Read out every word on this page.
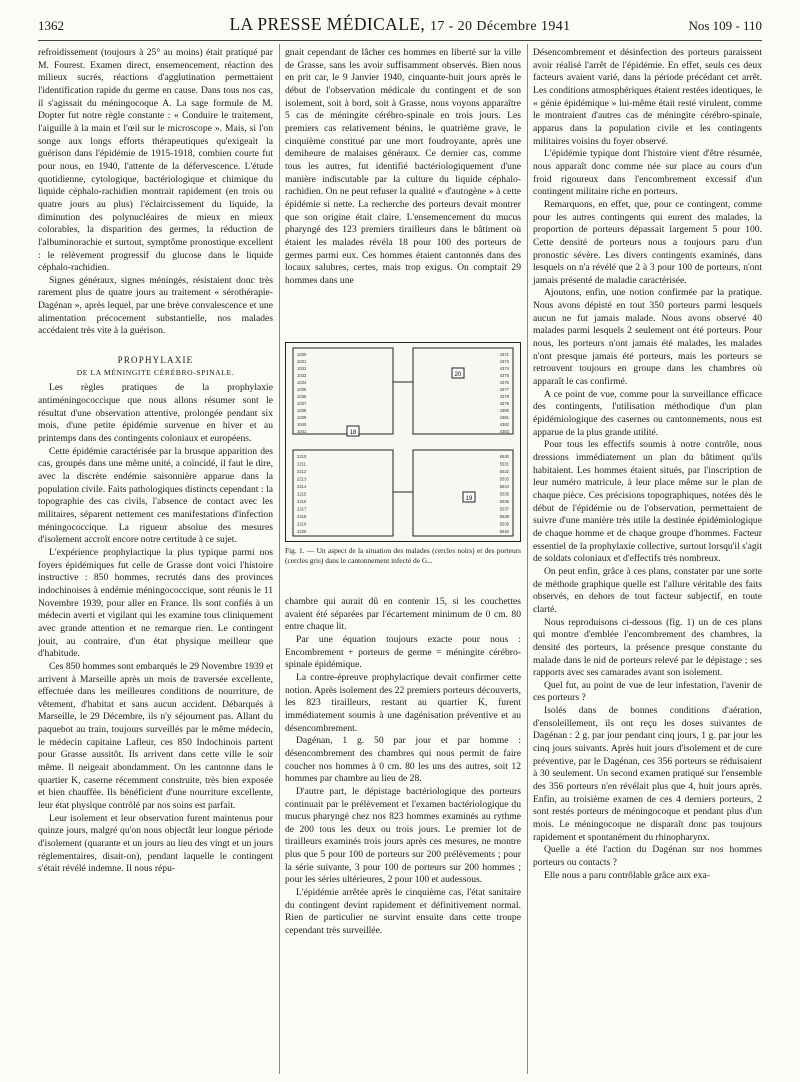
1362	LA PRESSE MÉDICALE, 17 - 20 Décembre 1941	Nos 109 - 110

refroidissement (toujours à 25° au moins) était pratiqué par M. Fourest. Examen direct, ensemencement, réaction des milieux sucrés, réactions d'agglutination permettaient l'identification rapide du germe en cause. Dans tous nos cas, il s'agissait du méningocoque A. La sage formule de M. Dopter fut notre règle constante : « Conduire le traitement, l'aiguille à la main et l'œil sur le microscope ». Mais, si l'on songe aux longs efforts thérapeutiques qu'exigeait la guérison dans l'épidémie de 1915-1918, combien courte fut pour nous, en 1940, l'attente de la défervescence. L'étude quotidienne, cytologique, bactériologique et chimique du liquide céphalo-rachidien montrait rapidement (en trois ou quatre jours au plus) l'éclaircissement du liquide, la diminution des polynucléaires de mieux en mieux colorables, la disparition des germes, la réduction de l'albuminorachie et surtout, symptôme pronostique excellent : le relèvement progressif du glucose dans le liquide céphalo-rachidien.

Signes généraux, signes méningés, résistaient donc très rarement plus de quatre jours au traitement « sérothérapie-Dagénan », après lequel, par une brève convalescence et une alimentation précocement substantielle, nos malades accédaient très vite à la guérison.

PROPHYLAXIE
DE LA MÉNINGITE CÉRÉBRO-SPINALE.

Les règles pratiques de la prophylaxie antiméningococcique que nous allons résumer sont le résultat d'une observation attentive, prolongée pendant six mois, d'une petite épidémie survenue en hiver et au printemps dans des contingents coloniaux et européens.

Cette épidémie caractérisée par la brusque apparition des cas, groupés dans une même unité, a coïncidé, il faut le dire, avec la discrète endémie saisonnière apparue dans la population civile. Faits pathologiques distincts cependant : la topographie des cas civils, l'absence de contact avec les militaires, séparent nettement ces manifestations d'infection méningococcique. La rigueur absolue des mesures d'isolement accroît encore notre certitude à ce sujet.

L'expérience prophylactique la plus typique parmi nos foyers épidémiques fut celle de Grasse dont voici l'histoire instructive : 850 hommes, recrutés dans des provinces indochinoises à endémie méningococcique, sont réunis le 11 Novembre 1939, pour aller en France. Ils sont confiés à un médecin averti et vigilant qui les examine tous cliniquement avec grande attention et ne remarque rien. Le contingent jouit, au contraire, d'un état physique meilleur que d'habitude.

Ces 850 hommes sont embarqués le 29 Novembre 1939 et arrivent à Marseille après un mois de traversée excellente, effectuée dans les meilleures conditions de nourriture, de vêtement, d'habitat et sans aucun accident. Débarqués à Marseille, le 29 Décembre, ils n'y séjournent pas. Allant du paquebot au train, toujours surveillés par le même médecin, le médecin capitaine Lafleur, ces 850 Indochinois partent pour Grasse aussitôt. Ils arrivent dans cette ville le soir même. Il neigeait abondamment. On les cantonne dans le quartier K, caserne récemment construite, très bien exposée et bien chauffée. Ils bénéficient d'une nourriture excellente, leur état physique contrôlé par nos soins est parfait.

Leur isolement et leur observation furent maintenus pour quinze jours, malgré qu'on nous objectât leur longue période d'isolement (quarante et un jours au lieu des vingt et un jours réglementaires, disait-on), pendant laquelle le contingent s'était révélé indemne. Il nous répu-

gnait cependant de lâcher ces hommes en liberté sur la ville de Grasse, sans les avoir suffisamment observés. Bien nous en prit car, le 9 Janvier 1940, cinquante-huit jours après le début de l'observation médicale du contingent et de son isolement, soit à bord, soit à Grasse, nous voyons apparaître 5 cas de méningite cérébro-spinale en trois jours. Les premiers cas relativement bénins, le quatrième grave, le cinquième constitué par une mort foudroyante, après une demiheure de malaises généraux. Ce dernier cas, comme tous les autres, fut identifié bactériologiquement d'une manière indiscutable par la culture du liquide céphalo-rachidien. On ne peut refuser la qualité « d'autogène » à cette épidémie si nette. La recherche des porteurs devait montrer que son origine était claire. L'ensemencement du mucus pharyngé des 123 premiers tirailleurs dans le bâtiment où étaient les malades révéla 18 pour 100 des porteurs de germes parmi eux. Ces hommes étaient cantonnés dans des locaux salubres, certes, mais trop exigus. On comptait 29 hommes dans une

18
20
19
1030
1031
1032
1033
1034
1035
1036
1037
1038
1039
1040
1041
4371
4373
4374
4375
4376
4377
4378
4379
4380
4381
4382
4383
2210
2211
2212
2213
2214
2215
2216
2217
2218
2219
2220
5530
5531
5532
5533
5534
5535
5536
5537
5538
5539
5540
Fig. 1. — Un aspect de la situation des malades (cercles noirs) et des porteurs (cercles gris) dans le cantonnement infecté de G...

chambre qui aurait dû en contenir 15, si les couchettes avaient été séparées par l'écartement minimum de 0 cm. 80 entre chaque lit.

Par une équation toujours exacte pour nous : Encombrement + porteurs de germe = méningite cérébro-spinale épidémique.

La contre-épreuve prophylactique devait confirmer cette notion. Après isolement des 22 premiers porteurs découverts, les 823 tirailleurs, restant au quartier K, furent immédiatement soumis à une dagénisation préventive et au désencombrement.

Dagénan, 1 g. 50 par jour et par homme : désencombrement des chambres qui nous permit de faire coucher nos hommes à 0 cm. 80 les uns des autres, soit 12 hommes par chambre au lieu de 28.

D'autre part, le dépistage bactériologique des porteurs continuait par le prélèvement et l'examen bactériologique du mucus pharyngé chez nos 823 hommes examinés au rythme de 200 tous les deux ou trois jours. Le premier lot de tirailleurs examinés trois jours après ces mesures, ne montre plus que 5 pour 100 de porteurs sur 200 prélèvements ; pour la série suivante, 3 pour 100 de porteurs sur 200 hommes ; pour les séries ultérieures, 2 pour 100 et audessous.

L'épidémie arrêtée après le cinquième cas, l'état sanitaire du contingent devint rapidement et définitivement normal. Rien de particulier ne survint ensuite dans cette troupe cependant très surveillée.

Désencombrement et désinfection des porteurs paraissent avoir réalisé l'arrêt de l'épidémie. En effet, seuls ces deux facteurs avaient varié, dans la période précédant cet arrêt. Les conditions atmosphériques étaient restées identiques, le « génie épidémique » lui-même était resté virulent, comme le montraient d'autres cas de méningite cérébro-spinale, apparus dans la population civile et les contingents militaires voisins du foyer observé.

L'épidémie typique dont l'histoire vient d'être résumée, nous apparaît donc comme née sur place au cours d'un froid rigoureux dans l'encombrement excessif d'un contingent militaire riche en porteurs.

Remarquons, en effet, que, pour ce contingent, comme pour les autres contingents qui eurent des malades, la proportion de porteurs dépassait largement 5 pour 100. Cette densité de porteurs nous a toujours paru d'un pronostic sévère. Les divers contingents examinés, dans lesquels on n'a révélé que 2 à 3 pour 100 de porteurs, n'ont jamais présenté de maladie caractérisée.

Ajoutons, enfin, une notion confirmée par la pratique. Nous avons dépisté en tout 350 porteurs parmi lesquels aucun ne fut jamais malade. Nous avons observé 40 malades parmi lesquels 2 seulement ont été porteurs. Pour nous, les porteurs n'ont jamais été malades, les malades n'ont presque jamais été porteurs, mais les porteurs se retrouvent toujours en groupe dans les chambres où apparaît le cas confirmé.

A ce point de vue, comme pour la surveillance efficace des contingents, l'utilisation méthodique d'un plan épidémiologique des casernes ou cantonnements, nous est apparue de la plus grande utilité.

Pour tous les effectifs soumis à notre contrôle, nous dressions immédiatement un plan du bâtiment qu'ils habitaient. Les hommes étaient situés, par l'inscription de leur numéro matricule, à leur place même sur le plan de chaque pièce. Ces précisions topographiques, notées dès le début de l'épidémie ou de l'observation, permettaient de suivre d'une manière très utile la destinée épidémiologique de chaque homme et de chaque groupe d'hommes. Facteur essentiel de la prophylaxie collective, surtout lorsqu'il s'agit de soldats coloniaux et d'effectifs très nombreux.

On peut enfin, grâce à ces plans, constater par une sorte de méthode graphique quelle est l'allure véritable des faits observés, en dehors de tout facteur subjectif, en toute clarté.

Nous reproduisons ci-dessous (fig. 1) un de ces plans qui montre d'emblée l'encombrement des chambres, la densité des porteurs, la présence presque constante du malade dans le nid de porteurs relevé par le dépistage ; ses rapports avec ses camarades avant son isolement.

Quel fut, au point de vue de leur infestation, l'avenir de ces porteurs ?

Isolés dans de bonnes conditions d'aération, d'ensoleillement, ils ont reçu les doses suivantes de Dagénan : 2 g. par jour pendant cinq jours, 1 g. par jour les cinq jours suivants. Après huit jours d'isolement et de cure préventive, par le Dagénan, ces 356 porteurs se réduisaient à 30 seulement. Un second examen pratiqué sur l'ensemble des 356 porteurs n'en révélait plus que 4, huit jours après. Enfin, au troisième examen de ces 4 derniers porteurs, 2 sont restés porteurs de méningocoque et pendant plus d'un mois. Le méningocoque ne disparaît donc pas toujours rapidement et spontanément du rhinopharynx.

Quelle a été l'action du Dagénan sur nos hommes porteurs ou contacts ?

Elle nous a paru contrôlable grâce aux exa-
